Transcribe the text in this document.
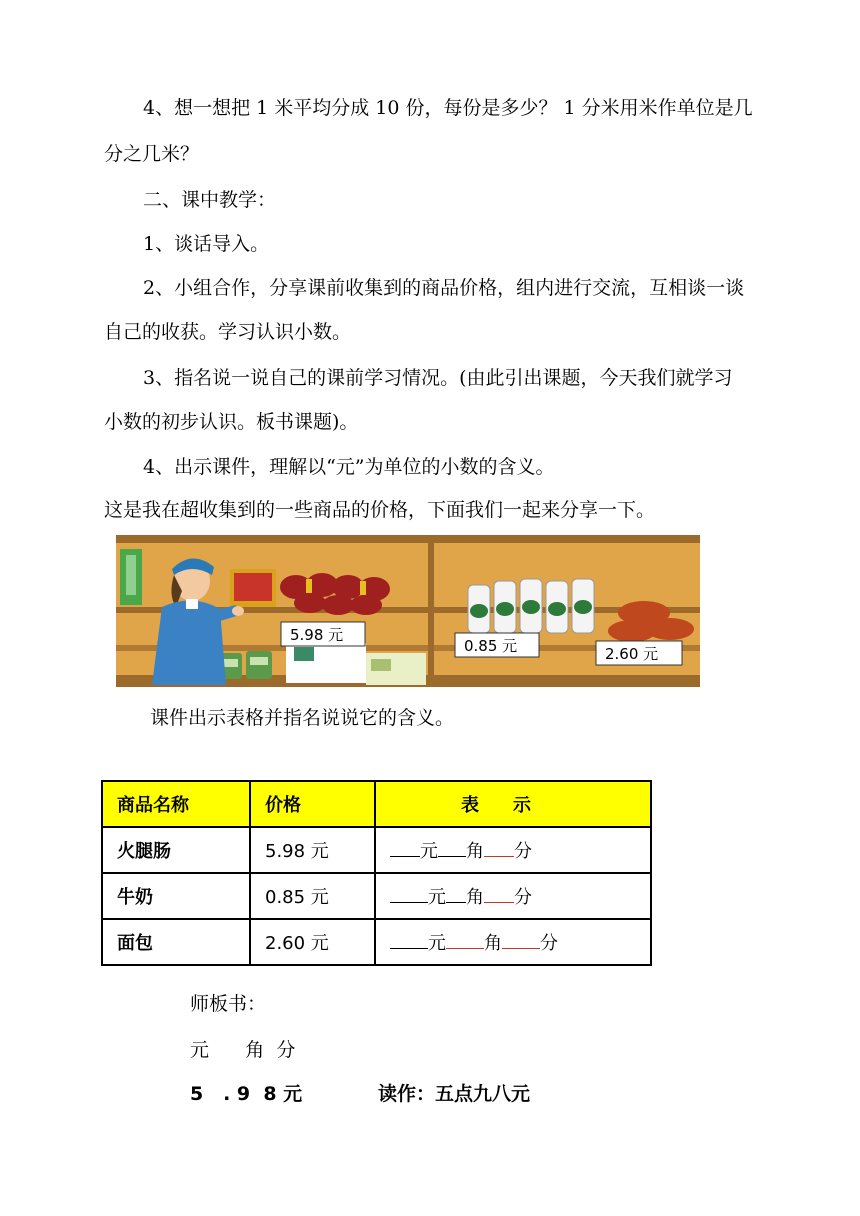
4、想一想把 1 米平均分成 10 份，每份是多少？ 1 分米用米作单位是几
分之几米？
二、课中教学：
1、谈话导入。
2、小组合作，分享课前收集到的商品价格，组内进行交流，互相谈一谈
自己的收获。学习认识小数。
3、指名说一说自己的课前学习情况。(由此引出课题，今天我们就学习
小数的初步认识。板书课题)。
4、出示课件，理解以“元”为单位的小数的含义。
这是我在超收集到的一些商品的价格，下面我们一起来分享一下。
5.98 元
0.85 元	2.60 元
课件出示表格并指名说说它的含义。
商品名称	价格	表示
火腿肠	5.98 元	元 角 分
牛奶	0.85 元	元 角 分
面包	2.60 元	元 角 分
师板书：
元      角  分
5   . 9  8 元	读作：五点九八元
